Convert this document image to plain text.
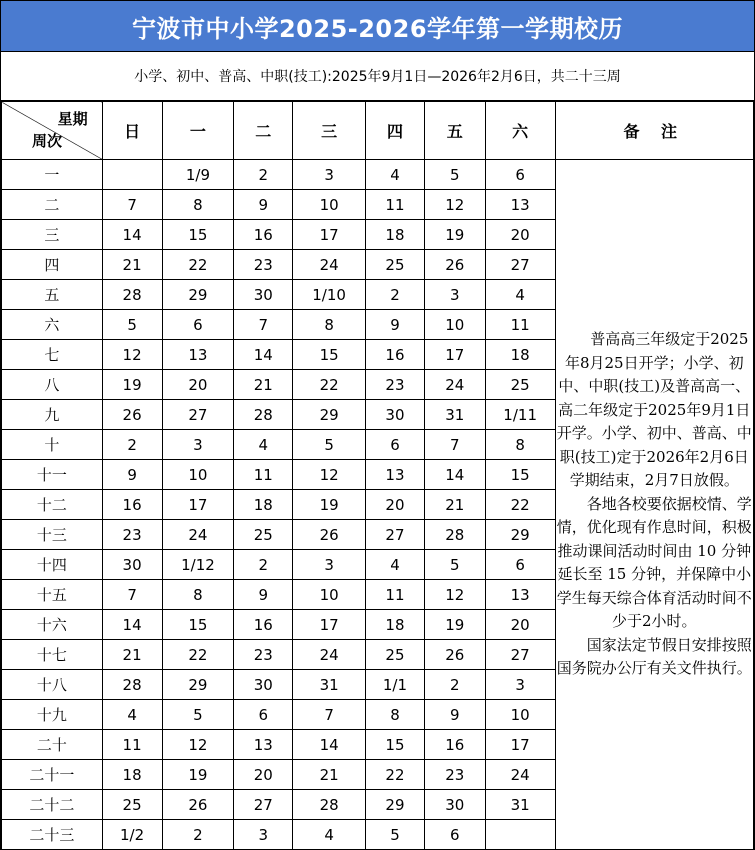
宁波市中小学2025-2026学年第一学期校历
小学、初中、普高、中职(技工):2025年9月1日—2026年2月6日，共二十三周
星期
周次	日	一	二	三	四	五	六	备 注
一		1/9	2	3	4	5	6	普高高三年级定于2025年8月25日开学；小学、初中、中职(技工)及普高高一、高二年级定于2025年9月1日开学。小学、初中、普高、中职(技工)定于2026年2月6日学期结束，2月7日放假。

各地各校要依据校情、学情，优化现有作息时间，积极推动课间活动时间由 10 分钟延长至 15 分钟，并保障中小学生每天综合体育活动时间不少于2小时。

国家法定节假日安排按照国务院办公厅有关文件执行。

二	7	8	9	10	11	12	13	
三	14	15	16	17	18	19	20	
四	21	22	23	24	25	26	27	
五	28	29	30	1/10	2	3	4	
六	5	6	7	8	9	10	11	
七	12	13	14	15	16	17	18	
八	19	20	21	22	23	24	25	
九	26	27	28	29	30	31	1/11	
十	2	3	4	5	6	7	8	
十一	9	10	11	12	13	14	15	
十二	16	17	18	19	20	21	22	
十三	23	24	25	26	27	28	29	
十四	30	1/12	2	3	4	5	6	
十五	7	8	9	10	11	12	13	
十六	14	15	16	17	18	19	20	
十七	21	22	23	24	25	26	27	
十八	28	29	30	31	1/1	2	3	
十九	4	5	6	7	8	9	10	
二十	11	12	13	14	15	16	17	
二十一	18	19	20	21	22	23	24	
二十二	25	26	27	28	29	30	31	
二十三	1/2	2	3	4	5	6		
